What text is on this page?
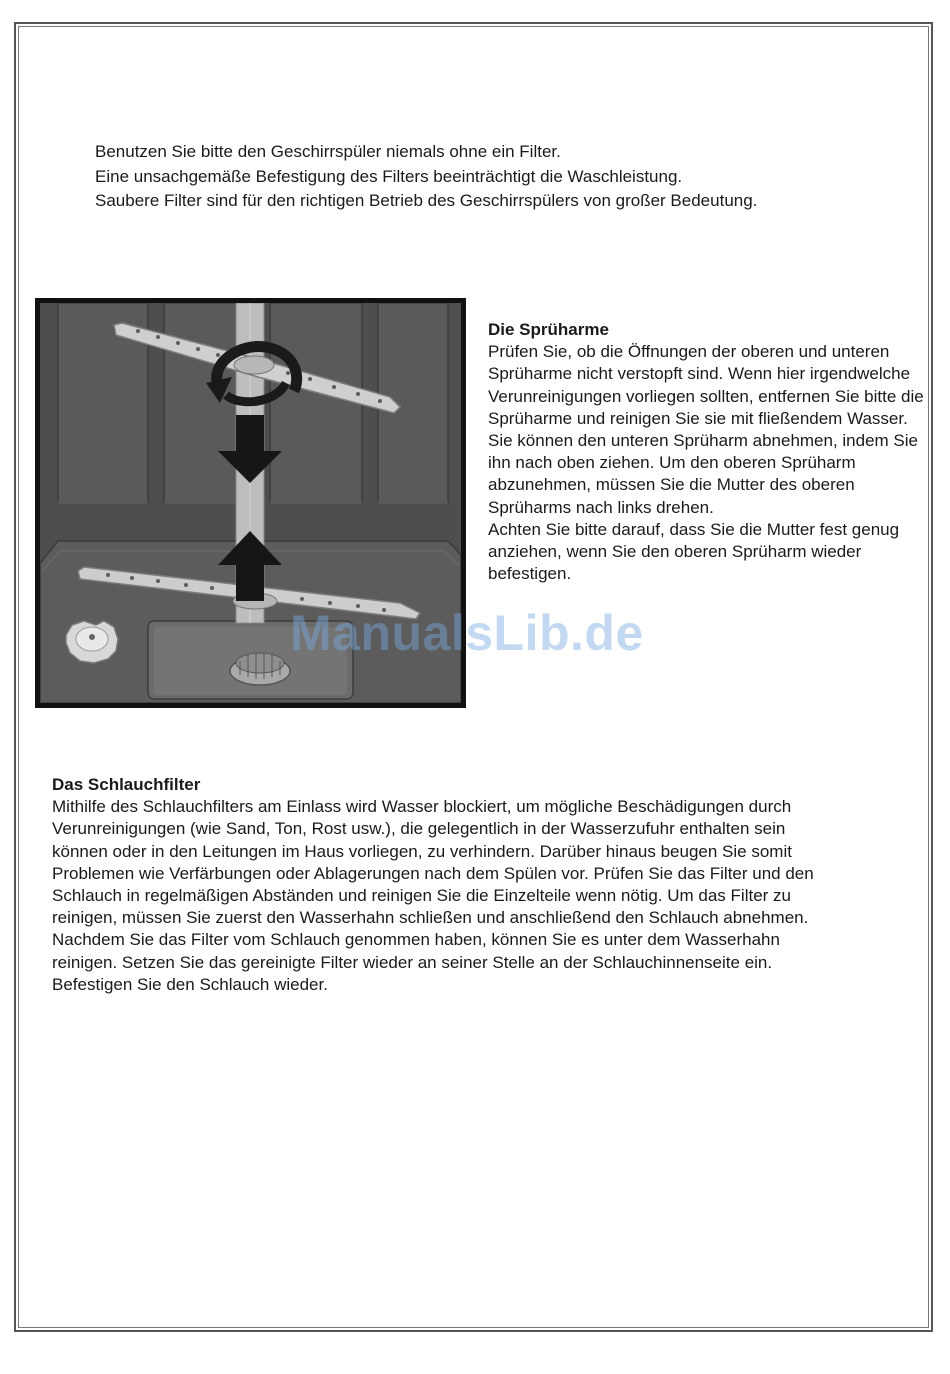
Benutzen Sie bitte den Geschirrspüler niemals ohne ein Filter.

Eine unsachgemäße Befestigung des Filters beeinträchtigt die Waschleistung.

Saubere Filter sind für den richtigen Betrieb des Geschirrspülers von großer Bedeutung.

Die Sprüharme

Prüfen Sie, ob die Öffnungen der oberen und unteren Sprüharme nicht verstopft sind. Wenn hier irgendwelche Verunreinigungen vorliegen sollten, entfernen Sie bitte die Sprüharme und reinigen Sie sie mit fließendem Wasser.

Sie können den unteren Sprüharm abnehmen, indem Sie ihn nach oben ziehen. Um den oberen Sprüharm abzunehmen, müssen Sie die Mutter des oberen Sprüharms nach links drehen.

Achten Sie bitte darauf, dass Sie die Mutter fest genug anziehen, wenn Sie den oberen Sprüharm wieder befestigen.

ManualsLib.de

Das Schlauchfilter

Mithilfe des Schlauchfilters am Einlass wird Wasser blockiert, um mögliche Beschädigungen durch
Verunreinigungen (wie Sand, Ton, Rost usw.), die gelegentlich in der Wasserzufuhr enthalten sein
können oder in den Leitungen im Haus vorliegen, zu verhindern. Darüber hinaus beugen Sie somit
Problemen wie Verfärbungen oder Ablagerungen nach dem Spülen vor. Prüfen Sie das Filter und den
Schlauch in regelmäßigen Abständen und reinigen Sie die Einzelteile wenn nötig. Um das Filter zu
reinigen, müssen Sie zuerst den Wasserhahn schließen und anschließend den Schlauch abnehmen.
Nachdem Sie das Filter vom Schlauch genommen haben, können Sie es unter dem Wasserhahn
reinigen. Setzen Sie das gereinigte Filter wieder an seiner Stelle an der Schlauchinnenseite ein.
Befestigen Sie den Schlauch wieder.
